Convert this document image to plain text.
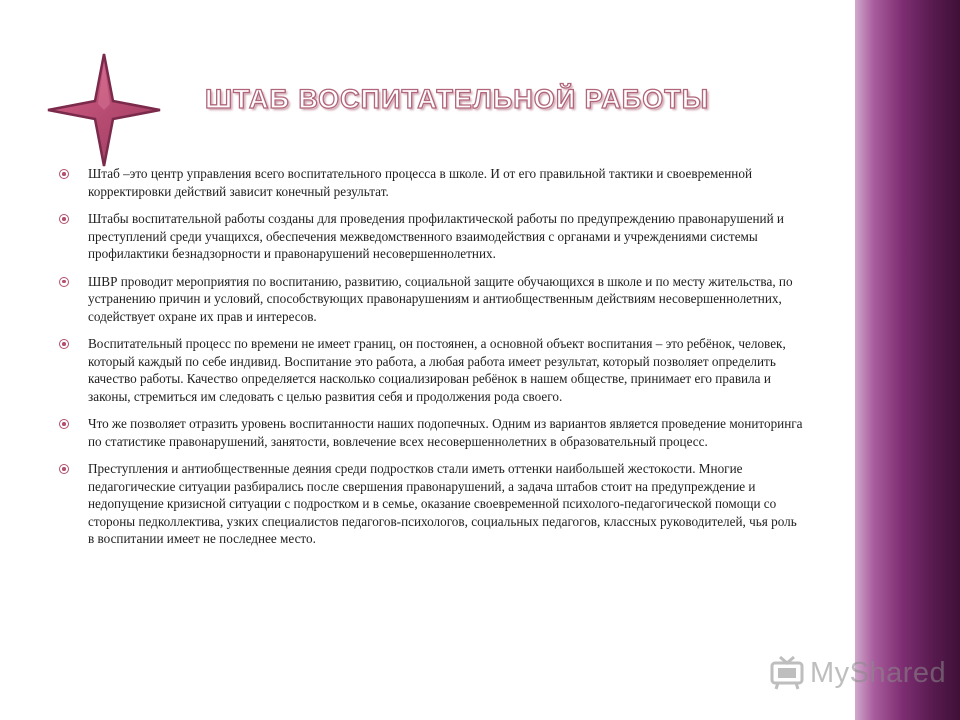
ШТАБ ВОСПИТАТЕЛЬНОЙ РАБОТЫ
Штаб –это центр управления всего воспитательного процесса в школе. И от его правильной тактики и своевременной корректировки действий зависит конечный результат.
Штабы воспитательной работы созданы для проведения профилактической работы по предупреждению правонарушений и преступлений среди учащихся, обеспечения межведомственного взаимодействия с органами и учреждениями системы профилактики безнадзорности и правонарушений несовершеннолетних.
ШВР проводит мероприятия по воспитанию, развитию, социальной защите обучающихся в школе и по месту жительства, по устранению причин и условий, способствующих правонарушениям и антиобщественным действиям несовершеннолетних, содействует охране их прав и интересов.
Воспитательный процесс по времени не имеет границ, он постоянен, а основной объект воспитания – это ребёнок, человек, который каждый по себе индивид. Воспитание это работа, а любая работа имеет результат, который позволяет определить качество работы. Качество определяется насколько социализирован ребёнок в нашем обществе, принимает его правила и законы, стремиться им следовать с целью развития себя и продолжения рода своего.
Что же позволяет отразить уровень воспитанности наших подопечных. Одним из вариантов является проведение мониторинга по статистике правонарушений, занятости, вовлечение всех несовершеннолетних в образовательный процесс.
Преступления и антиобщественные деяния среди подростков стали иметь оттенки наибольшей жестокости. Многие педагогические ситуации разбирались после свершения правонарушений, а задача штабов стоит на предупреждение и недопущение кризисной ситуации с подростком и в семье, оказание своевременной психолого-педагогической помощи со стороны педколлектива, узких специалистов педагогов-психологов, социальных педагогов, классных руководителей, чья роль в воспитании имеет не последнее место.
MyShared
